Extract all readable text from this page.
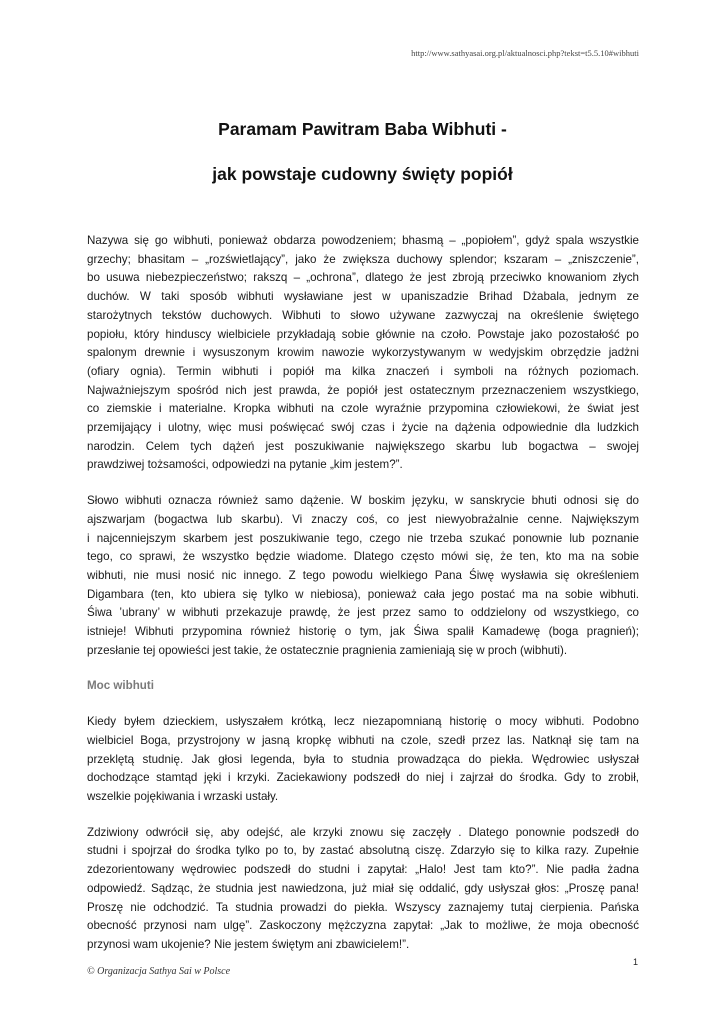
http://www.sathyasai.org.pl/aktualnosci.php?tekst=t5.5.10#wibhuti
Paramam Pawitram Baba Wibhuti -
jak powstaje cudowny święty popiół
Nazywa się go wibhuti, ponieważ obdarza powodzeniem; bhasmą – „popiołem”, gdyż spala wszystkie
grzechy; bhasitam – „rozświetlający”, jako że zwiększa duchowy splendor; kszaram – „zniszczenie”,
bo usuwa niebezpieczeństwo; rakszq – „ochrona”, dlatego że jest zbroją przeciwko knowaniom złych
duchów. W taki sposób wibhuti wysławiane jest w upaniszadzie Brihad Dżabala, jednym ze
starożytnych tekstów duchowych. Wibhuti to słowo używane zazwyczaj na określenie świętego
popiołu, który hinduscy wielbiciele przykładają sobie głównie na czoło. Powstaje jako pozostałość po
spalonym drewnie i wysuszonym krowim nawozie wykorzystywanym w wedyjskim obrzędzie jadżni
(ofiary ognia). Termin wibhuti i popiół ma kilka znaczeń i symboli na różnych poziomach.
Najważniejszym spośród nich jest prawda, że popiół jest ostatecznym przeznaczeniem wszystkiego,
co ziemskie i materialne. Kropka wibhuti na czole wyraźnie przypomina człowiekowi, że świat jest
przemijający i ulotny, więc musi poświęcać swój czas i życie na dążenia odpowiednie dla ludzkich
narodzin. Celem tych dążeń jest poszukiwanie największego skarbu lub bogactwa – swojej
prawdziwej tożsamości, odpowiedzi na pytanie „kim jestem?”.
Słowo wibhuti oznacza również samo dążenie. W boskim języku, w sanskrycie bhuti odnosi się do
ajszwarjam (bogactwa lub skarbu). Vi znaczy coś, co jest niewyobrażalnie cenne. Największym
i najcenniejszym skarbem jest poszukiwanie tego, czego nie trzeba szukać ponownie lub poznanie
tego, co sprawi, że wszystko będzie wiadome. Dlatego często mówi się, że ten, kto ma na sobie
wibhuti, nie musi nosić nic innego. Z tego powodu wielkiego Pana Śiwę wysławia się określeniem
Digambara (ten, kto ubiera się tylko w niebiosa), ponieważ cała jego postać ma na sobie wibhuti.
Śiwa ’ubrany’ w wibhuti przekazuje prawdę, że jest przez samo to oddzielony od wszystkiego, co
istnieje! Wibhuti przypomina również historię o tym, jak Śiwa spalił Kamadewę (boga pragnień);
przesłanie tej opowieści jest takie, że ostatecznie pragnienia zamieniają się w proch (wibhuti).
Moc wibhuti
Kiedy byłem dzieckiem, usłyszałem krótką, lecz niezapomnianą historię o mocy wibhuti. Podobno
wielbiciel Boga, przystrojony w jasną kropkę wibhuti na czole, szedł przez las. Natknął się tam na
przeklętą studnię. Jak głosi legenda, była to studnia prowadząca do piekła. Wędrowiec usłyszał
dochodzące stamtąd jęki i krzyki. Zaciekawiony podszedł do niej i zajrzał do środka. Gdy to zrobił,
wszelkie pojękiwania i wrzaski ustały.
Zdziwiony odwrócił się, aby odejść, ale krzyki znowu się zaczęły . Dlatego ponownie podszedł do
studni i spojrzał do środka tylko po to, by zastać absolutną ciszę. Zdarzyło się to kilka razy. Zupełnie
zdezorientowany wędrowiec podszedł do studni i zapytał: „Halo! Jest tam kto?”. Nie padła żadna
odpowiedź. Sądząc, że studnia jest nawiedzona, już miał się oddalić, gdy usłyszał głos: „Proszę pana!
Proszę nie odchodzić. Ta studnia prowadzi do piekła. Wszyscy zaznajemy tutaj cierpienia. Pańska
obecność przynosi nam ulgę”. Zaskoczony mężczyzna zapytał: „Jak to możliwe, że moja obecność
przynosi wam ukojenie? Nie jestem świętym ani zbawicielem!”.
1
© Organizacja Sathya Sai w Polsce
